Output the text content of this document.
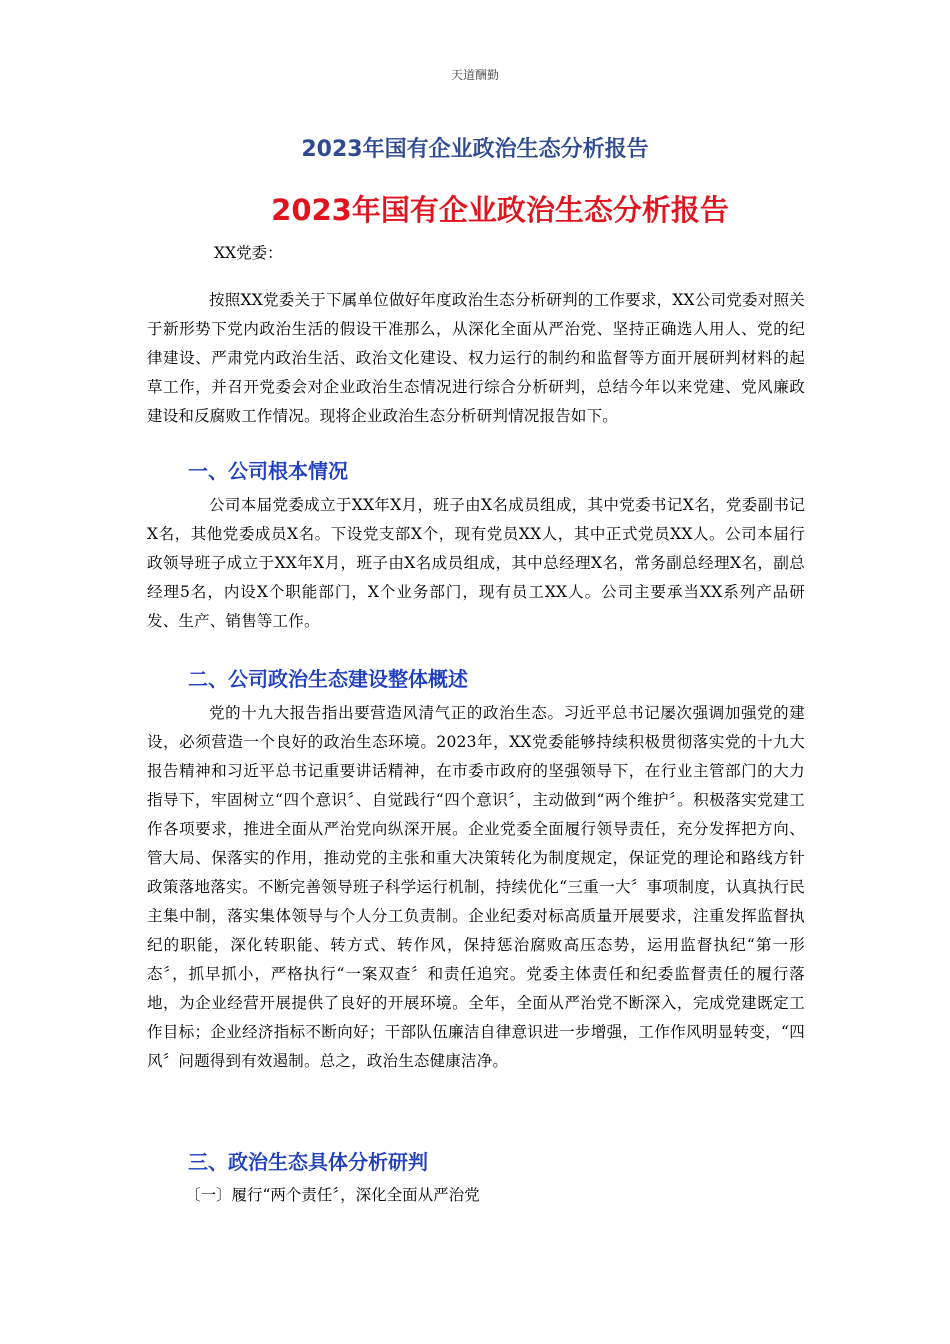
天道酬勤
2023年国有企业政治生态分析报告
2023年国有企业政治生态分析报告
XX党委：
按照XX党委关于下属单位做好年度政治生态分析研判的工作要求，XX公司党委对照关于新形势下党内政治生活的假设干准那么，从深化全面从严治党、坚持正确选人用人、党的纪律建设、严肃党内政治生活、政治文化建设、权力运行的制约和监督等方面开展研判材料的起草工作，并召开党委会对企业政治生态情况进行综合分析研判，总结今年以来党建、党风廉政建设和反腐败工作情况。现将企业政治生态分析研判情况报告如下。
一、公司根本情况
公司本届党委成立于XX年X月，班子由X名成员组成，其中党委书记X名，党委副书记X名，其他党委成员X名。下设党支部X个，现有党员XX人，其中正式党员XX人。公司本届行政领导班子成立于XX年X月，班子由X名成员组成，其中总经理X名，常务副总经理X名，副总经理5名，内设X个职能部门，X个业务部门，现有员工XX人。公司主要承当XX系列产品研发、生产、销售等工作。
二、公司政治生态建设整体概述
党的十九大报告指出要营造风清气正的政治生态。习近平总书记屡次强调加强党的建设，必须营造一个良好的政治生态环境。2023年，XX党委能够持续积极贯彻落实党的十九大报告精神和习近平总书记重要讲话精神，在市委市政府的坚强领导下，在行业主管部门的大力指导下，牢固树立“四个意识〞、自觉践行“四个意识〞，主动做到“两个维护〞。积极落实党建工作各项要求，推进全面从严治党向纵深开展。企业党委全面履行领导责任，充分发挥把方向、管大局、保落实的作用，推动党的主张和重大决策转化为制度规定，保证党的理论和路线方针政策落地落实。不断完善领导班子科学运行机制，持续优化“三重一大〞事项制度，认真执行民主集中制，落实集体领导与个人分工负责制。企业纪委对标高质量开展要求，注重发挥监督执纪的职能，深化转职能、转方式、转作风，保持惩治腐败高压态势，运用监督执纪“第一形态〞，抓早抓小，严格执行“一案双查〞和责任追究。党委主体责任和纪委监督责任的履行落地，为企业经营开展提供了良好的开展环境。全年，全面从严治党不断深入，完成党建既定工作目标；企业经济指标不断向好；干部队伍廉洁自律意识进一步增强，工作作风明显转变，“四风〞问题得到有效遏制。总之，政治生态健康洁净。
三、政治生态具体分析研判
〔一〕履行“两个责任〞，深化全面从严治党
